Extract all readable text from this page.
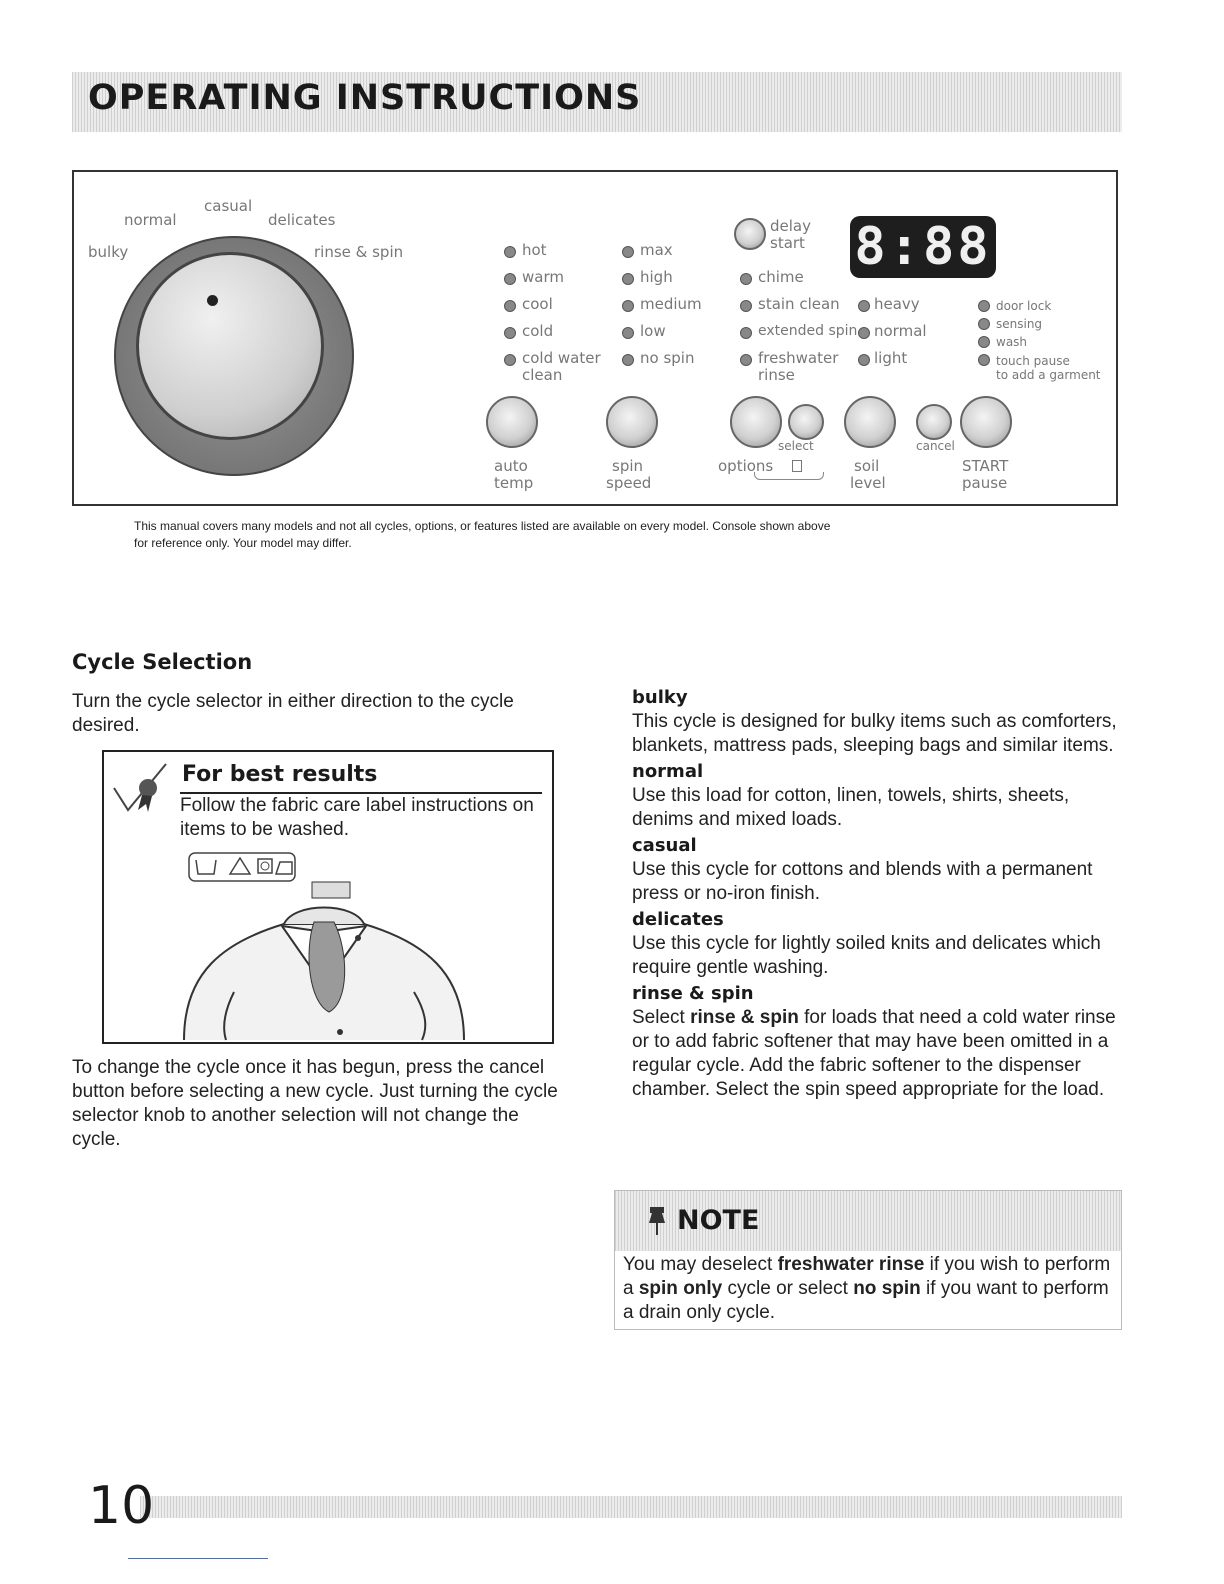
OPERATING INSTRUCTIONS
casual
normal	delicates
bulky	rinse & spin	hot
warm
cool
cold
cold water
clean
max
high
medium
low
no spin
delay
start 8:88
chime
stain clean
extended spin
freshwater
rinse
heavy
normal
light
door lock
sensing
wash
touch pause
to add a garment
select	cancel
auto
temp
spin
speed
options	soil
level
START
pause
This manual covers many models and not all cycles, options, or features listed are available on every model. Console shown above
for reference only. Your model may differ.
Cycle Selection
Turn the cycle selector in either direction to the cycle desired.
For best results
Follow the fabric care label instructions on items to be washed.
To change the cycle once it has begun, press the cancel button before selecting a new cycle. Just turning the cycle selector knob to another selection will not change the cycle.
bulky
This cycle is designed for bulky items such as comforters, blankets, mattress pads, sleeping bags and similar items.
normal
Use this load for cotton, linen, towels, shirts, sheets, denims and mixed loads.
casual
Use this cycle for cottons and blends with a permanent press or no-iron finish.
delicates
Use this cycle for lightly soiled knits and delicates which require gentle washing.
rinse & spin
Select rinse & spin for loads that need a cold water rinse or to add fabric softener that may have been omitted in a regular cycle. Add the fabric softener to the dispenser chamber. Select the spin speed appropriate for the load.
NOTE
You may deselect freshwater rinse if you wish to perform a spin only cycle or select no spin if you want to perform a drain only cycle.
10
